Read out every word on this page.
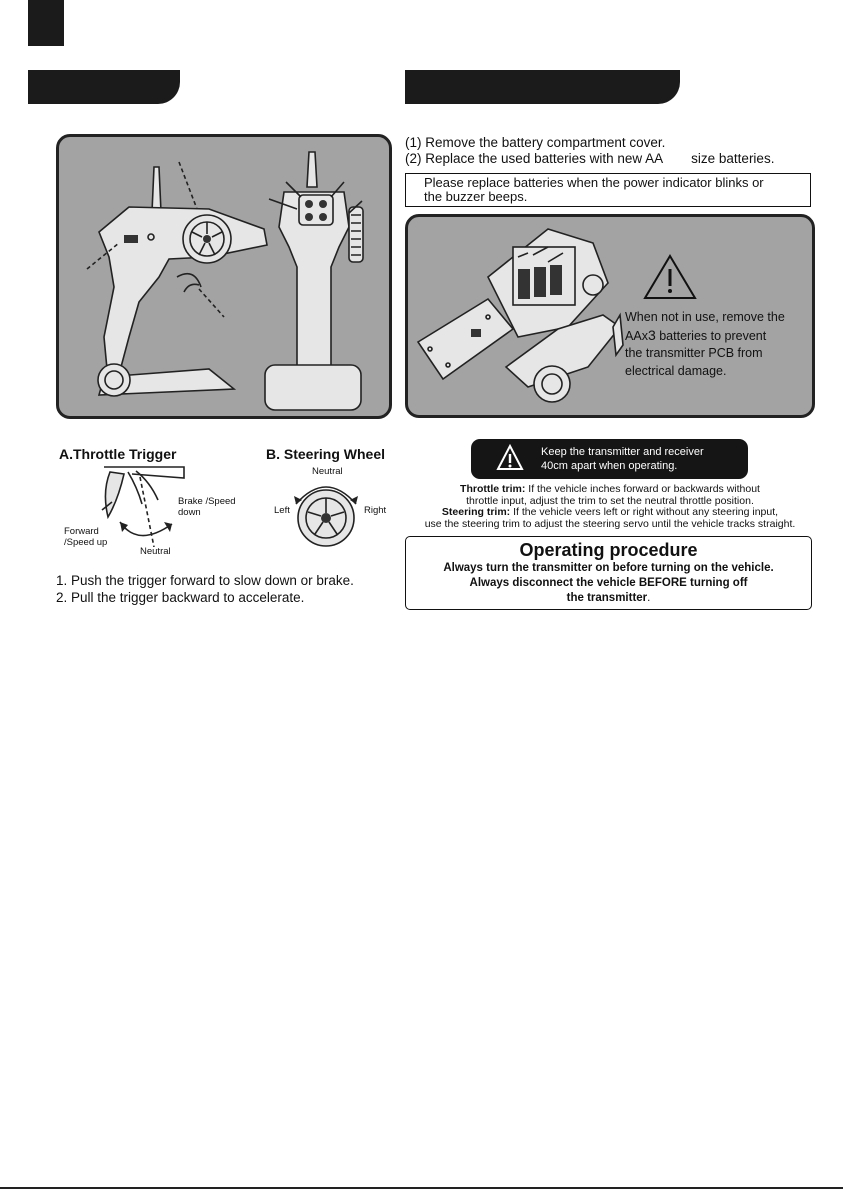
(1) Remove the battery compartment cover.
(2) Replace the used batteries with new AA size batteries.
Please replace batteries when the power indicator blinks or
the buzzer beeps.
When not in use, remove the
AAx3 batteries to prevent
the transmitter PCB from
electrical damage.
A.Throttle Trigger	B. Steering Wheel
Brake /Speed
down
Forward
/Speed up
Neutral
Neutral
Left	Right
1. Push the trigger forward to slow down or brake.
2. Pull the trigger backward to accelerate.
Keep the transmitter and receiver
40cm apart when operating.
Throttle trim: If the vehicle inches forward or backwards without
throttle input, adjust the trim to set the neutral throttle position.
Steering trim: If the vehicle veers left or right without any steering input,
use the steering trim to adjust the steering servo until the vehicle tracks straight.
Operating procedure
Always turn the transmitter on before turning on the vehicle.
Always disconnect the vehicle BEFORE turning off
the transmitter.
